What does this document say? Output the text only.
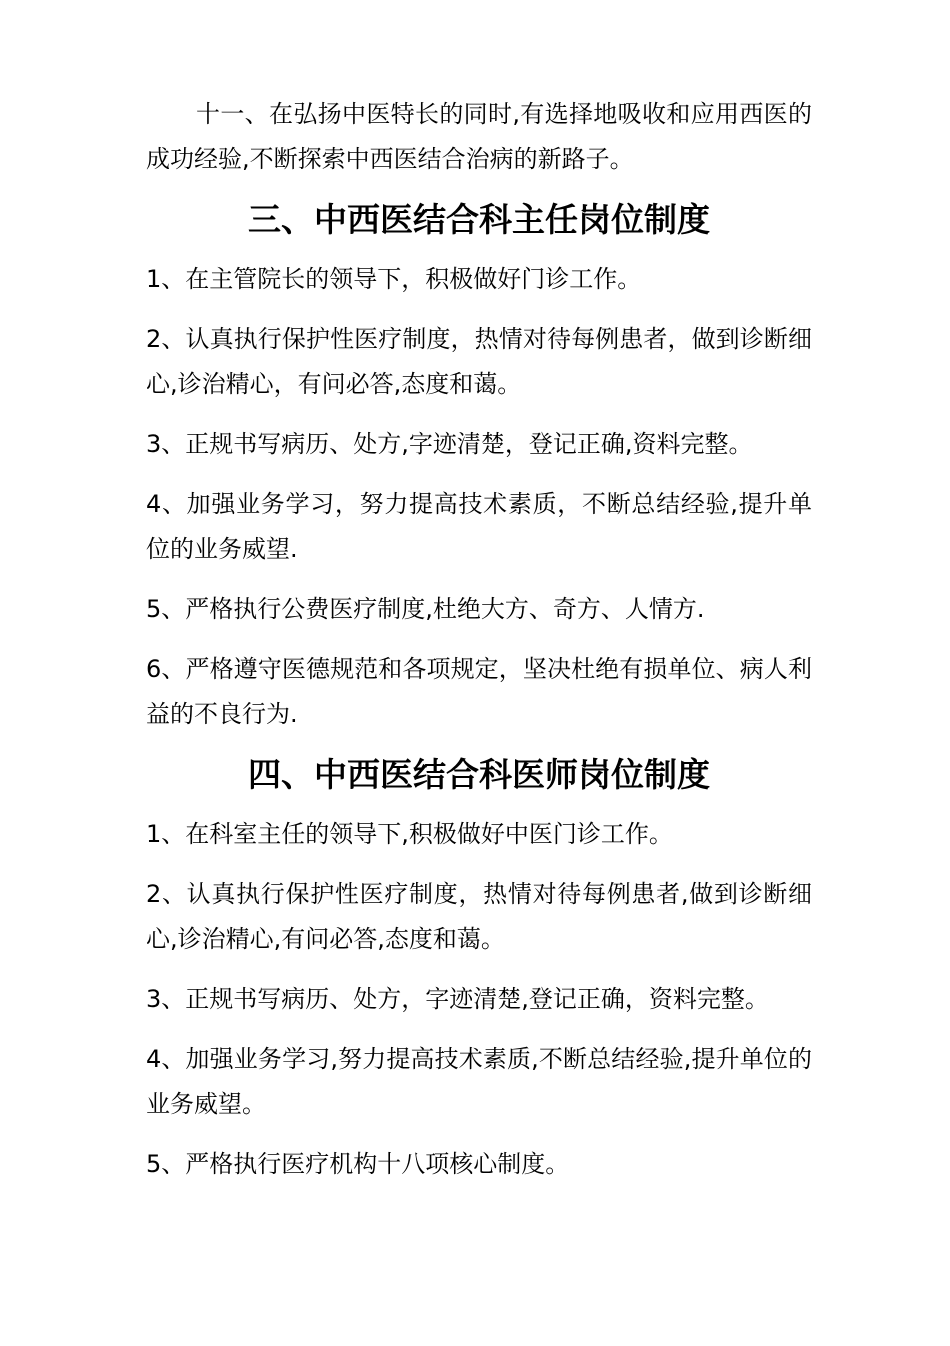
十一、在弘扬中医特长的同时,有选择地吸收和应用西医的成功经验,不断探索中西医结合治病的新路子。

三、中西医结合科主任岗位制度

1、在主管院长的领导下，积极做好门诊工作。

2、认真执行保护性医疗制度，热情对待每例患者，做到诊断细心,诊治精心，有问必答,态度和蔼。

3、正规书写病历、处方,字迹清楚，登记正确,资料完整。

4、加强业务学习，努力提高技术素质，不断总结经验,提升单位的业务威望.

5、严格执行公费医疗制度,杜绝大方、奇方、人情方.

6、严格遵守医德规范和各项规定，坚决杜绝有损单位、病人利益的不良行为.

四、中西医结合科医师岗位制度

1、在科室主任的领导下,积极做好中医门诊工作。

2、认真执行保护性医疗制度，热情对待每例患者,做到诊断细心,诊治精心,有问必答,态度和蔼。

3、正规书写病历、处方，字迹清楚,登记正确，资料完整。

4、加强业务学习,努力提高技术素质,不断总结经验,提升单位的业务威望。

5、严格执行医疗机构十八项核心制度。
